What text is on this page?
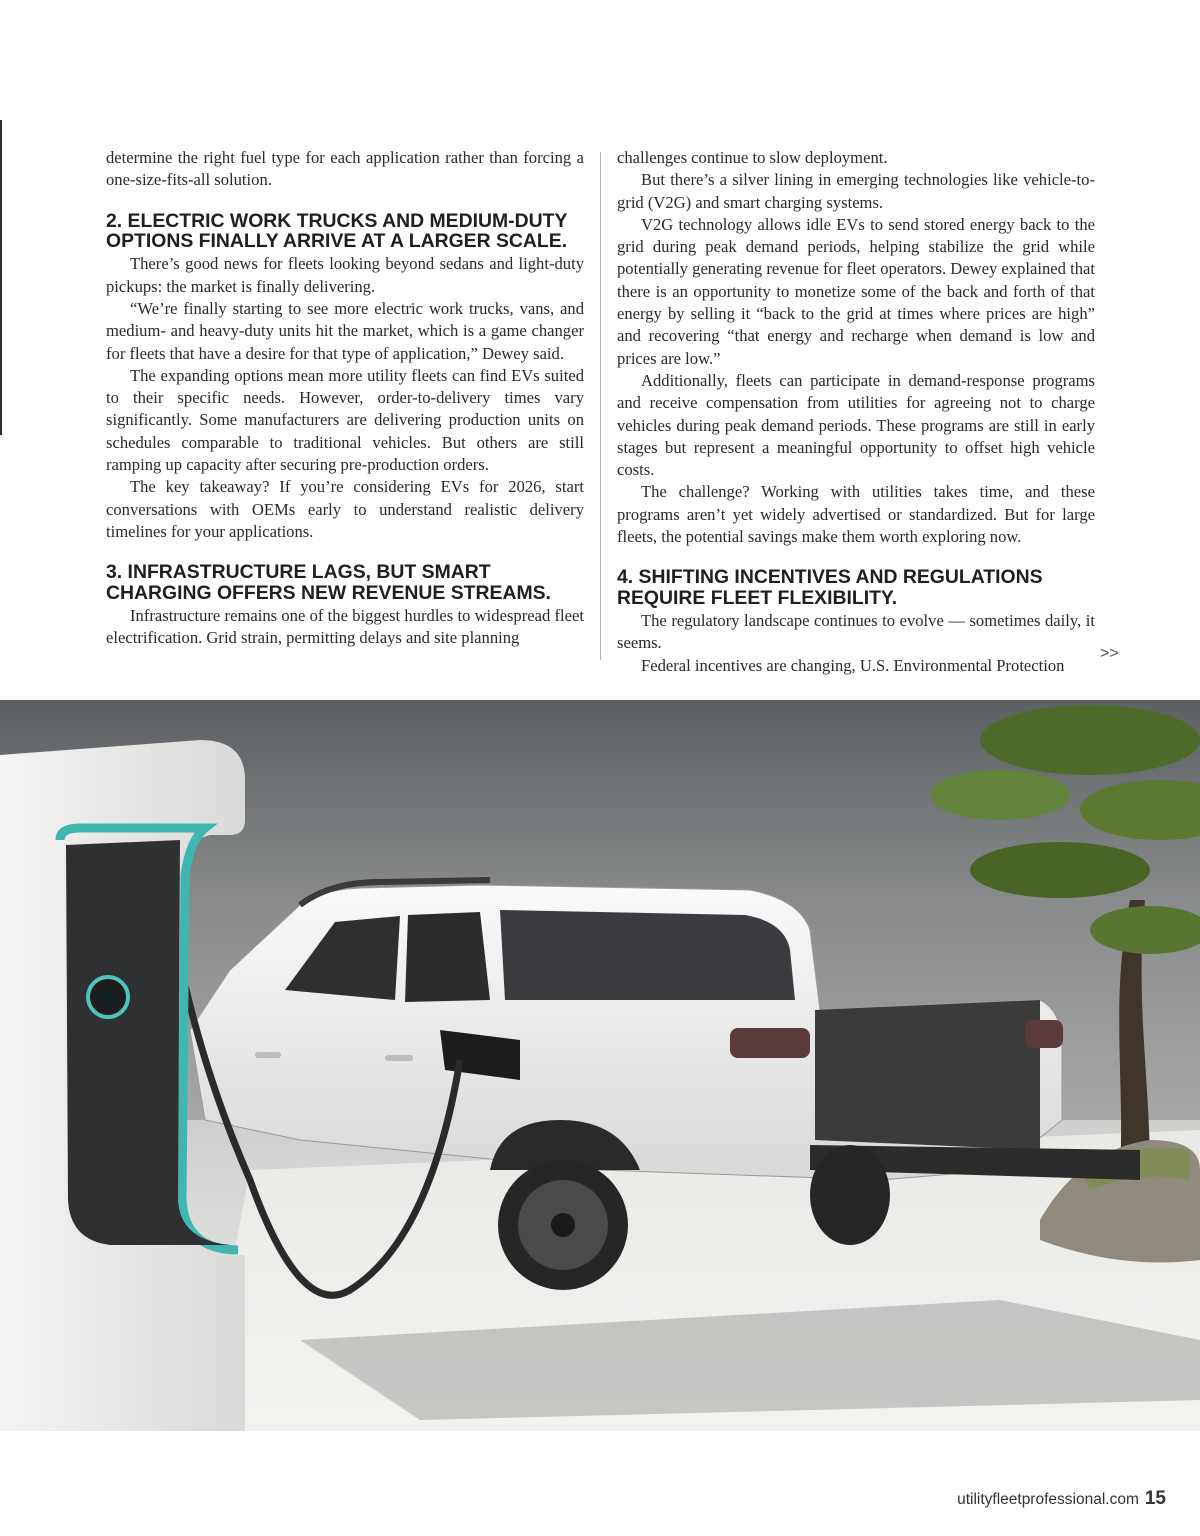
determine the right fuel type for each application rather than forcing a one-size-fits-all solution.

2. ELECTRIC WORK TRUCKS AND MEDIUM-DUTY OPTIONS FINALLY ARRIVE AT A LARGER SCALE.

There’s good news for fleets looking beyond sedans and light-duty pickups: the market is finally delivering.

“We’re finally starting to see more electric work trucks, vans, and medium- and heavy-duty units hit the market, which is a game changer for fleets that have a desire for that type of application,” Dewey said.

The expanding options mean more utility fleets can find EVs suited to their specific needs. However, order-to-delivery times vary significantly. Some manufacturers are delivering production units on schedules comparable to traditional vehicles. But others are still ramping up capacity after securing pre-production orders.

The key takeaway? If you’re considering EVs for 2026, start conversations with OEMs early to understand realistic delivery timelines for your applications.

3. INFRASTRUCTURE LAGS, BUT SMART CHARGING OFFERS NEW REVENUE STREAMS.

Infrastructure remains one of the biggest hurdles to widespread fleet electrification. Grid strain, permitting delays and site planning

challenges continue to slow deployment.

But there’s a silver lining in emerging technologies like vehicle-to-grid (V2G) and smart charging systems.

V2G technology allows idle EVs to send stored energy back to the grid during peak demand periods, helping stabilize the grid while potentially generating revenue for fleet operators. Dewey explained that there is an opportunity to monetize some of the back and forth of that energy by selling it “back to the grid at times where prices are high” and recovering “that energy and recharge when demand is low and prices are low.”

Additionally, fleets can participate in demand-response programs and receive compensation from utilities for agreeing not to charge vehicles during peak demand periods. These programs are still in early stages but represent a meaningful opportunity to offset high vehicle costs.

The challenge? Working with utilities takes time, and these programs aren’t yet widely advertised or standardized. But for large fleets, the potential savings make them worth exploring now.

4. SHIFTING INCENTIVES AND REGULATIONS REQUIRE FLEET FLEXIBILITY.

The regulatory landscape continues to evolve — sometimes daily, it seems.

Federal incentives are changing, U.S. Environmental Protection

>>
utilityfleetprofessional.com 15
